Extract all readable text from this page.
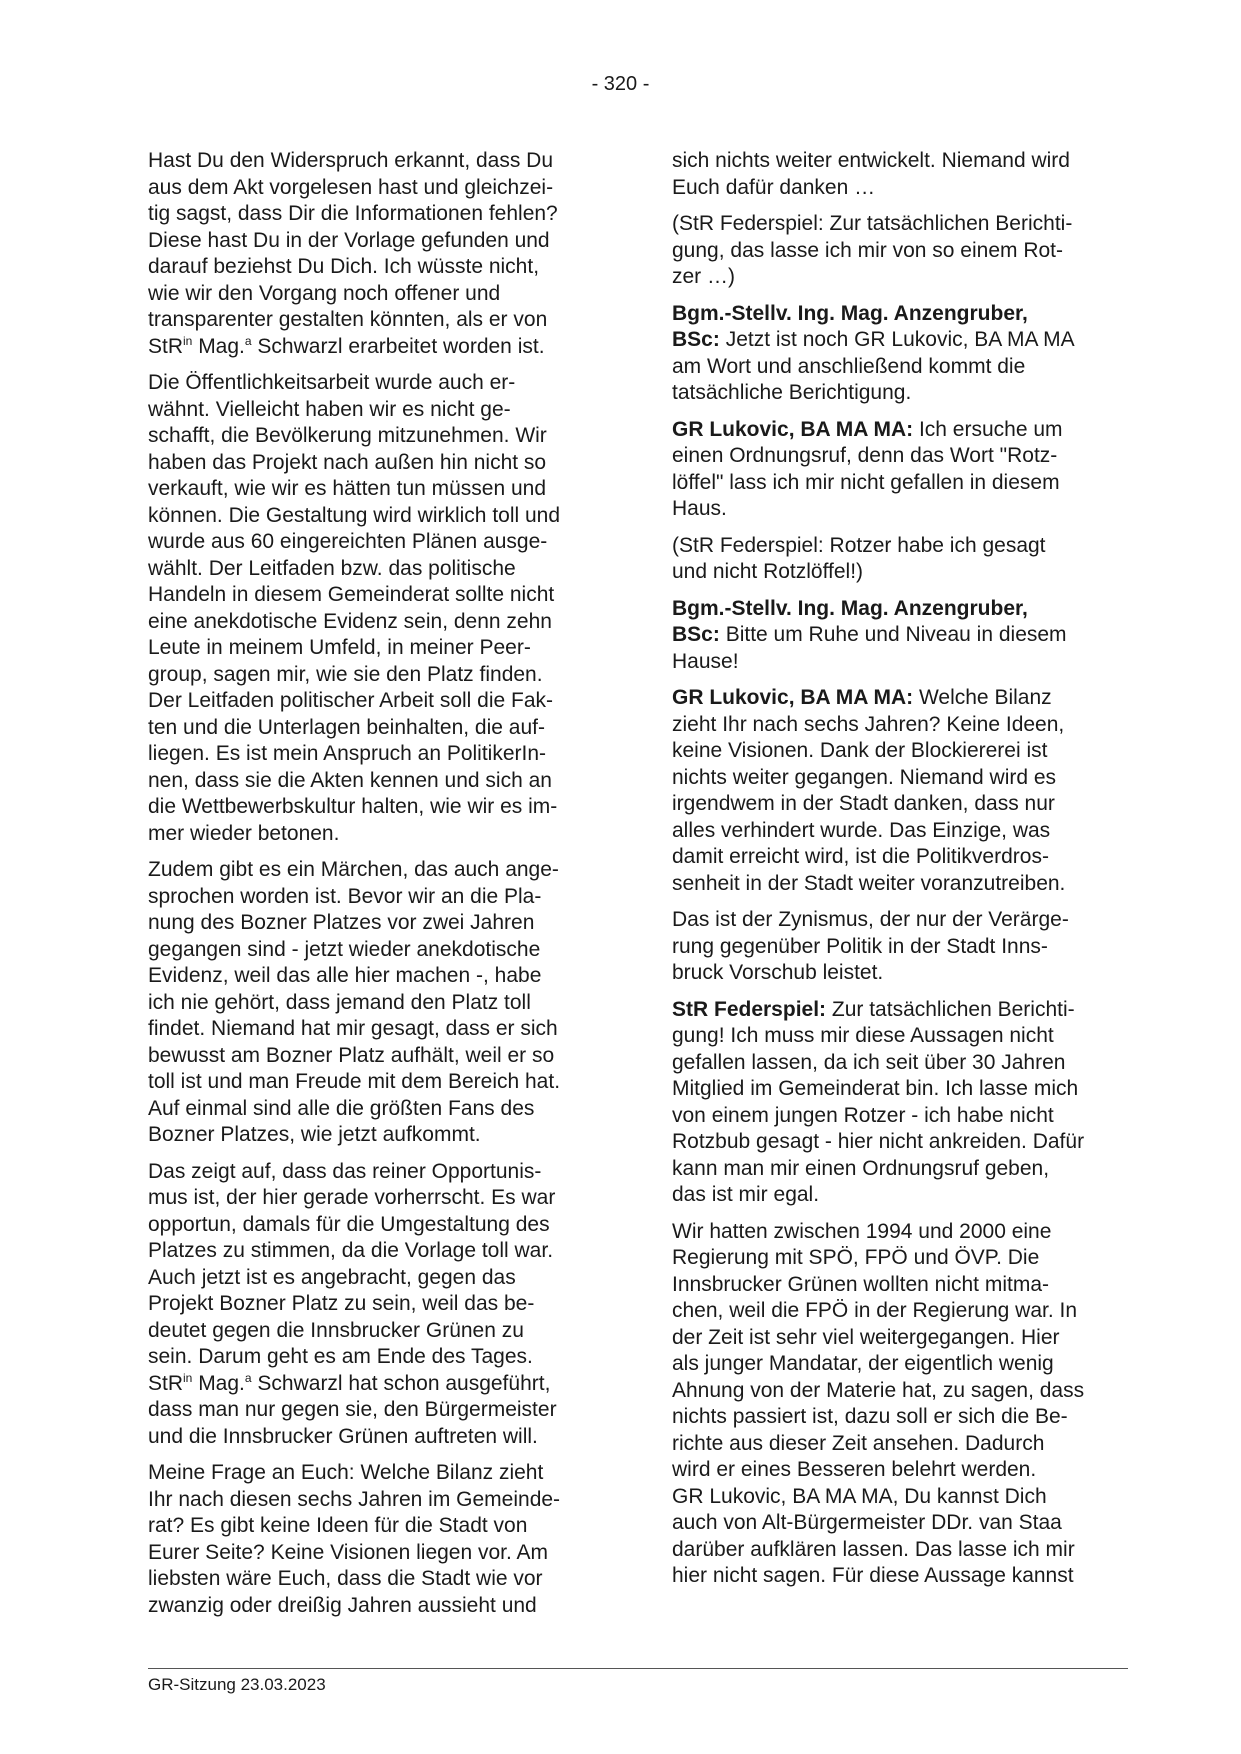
- 320 -

Hast Du den Widerspruch erkannt, dass Du
aus dem Akt vorgelesen hast und gleichzei-
tig sagst, dass Dir die Informationen fehlen?
Diese hast Du in der Vorlage gefunden und
darauf beziehst Du Dich. Ich wüsste nicht,
wie wir den Vorgang noch offener und
transparenter gestalten könnten, als er von
StR$^{in}$ Mag.$^a$ Schwarzl erarbeitet worden ist.

Die Öffentlichkeitsarbeit wurde auch er-
wähnt. Vielleicht haben wir es nicht ge-
schafft, die Bevölkerung mitzunehmen. Wir
haben das Projekt nach außen hin nicht so
verkauft, wie wir es hätten tun müssen und
können. Die Gestaltung wird wirklich toll und
wurde aus 60 eingereichten Plänen ausge-
wählt. Der Leitfaden bzw. das politische
Handeln in diesem Gemeinderat sollte nicht
eine anekdotische Evidenz sein, denn zehn
Leute in meinem Umfeld, in meiner Peer-
group, sagen mir, wie sie den Platz finden.
Der Leitfaden politischer Arbeit soll die Fak-
ten und die Unterlagen beinhalten, die auf-
liegen. Es ist mein Anspruch an PolitikerIn-
nen, dass sie die Akten kennen und sich an
die Wettbewerbskultur halten, wie wir es im-
mer wieder betonen.

Zudem gibt es ein Märchen, das auch ange-
sprochen worden ist. Bevor wir an die Pla-
nung des Bozner Platzes vor zwei Jahren
gegangen sind - jetzt wieder anekdotische
Evidenz, weil das alle hier machen -, habe
ich nie gehört, dass jemand den Platz toll
findet. Niemand hat mir gesagt, dass er sich
bewusst am Bozner Platz aufhält, weil er so
toll ist und man Freude mit dem Bereich hat.
Auf einmal sind alle die größten Fans des
Bozner Platzes, wie jetzt aufkommt.

Das zeigt auf, dass das reiner Opportunis-
mus ist, der hier gerade vorherrscht. Es war
opportun, damals für die Umgestaltung des
Platzes zu stimmen, da die Vorlage toll war.
Auch jetzt ist es angebracht, gegen das
Projekt Bozner Platz zu sein, weil das be-
deutet gegen die Innsbrucker Grünen zu
sein. Darum geht es am Ende des Tages.
StR$^{in}$ Mag.$^a$ Schwarzl hat schon ausgeführt,
dass man nur gegen sie, den Bürgermeister
und die Innsbrucker Grünen auftreten will.

Meine Frage an Euch: Welche Bilanz zieht
Ihr nach diesen sechs Jahren im Gemeinde-
rat? Es gibt keine Ideen für die Stadt von
Eurer Seite? Keine Visionen liegen vor. Am
liebsten wäre Euch, dass die Stadt wie vor
zwanzig oder dreißig Jahren aussieht und

sich nichts weiter entwickelt. Niemand wird
Euch dafür danken …

(StR Federspiel: Zur tatsächlichen Berichti-
gung, das lasse ich mir von so einem Rot-
zer …)

Bgm.-Stellv. Ing. Mag. Anzengruber,
BSc: Jetzt ist noch GR Lukovic, BA MA MA
am Wort und anschließend kommt die
tatsächliche Berichtigung.

GR Lukovic, BA MA MA: Ich ersuche um
einen Ordnungsruf, denn das Wort "Rotz-
löffel" lass ich mir nicht gefallen in diesem
Haus.

(StR Federspiel: Rotzer habe ich gesagt
und nicht Rotzlöffel!)

Bgm.-Stellv. Ing. Mag. Anzengruber,
BSc: Bitte um Ruhe und Niveau in diesem
Hause!

GR Lukovic, BA MA MA: Welche Bilanz
zieht Ihr nach sechs Jahren? Keine Ideen,
keine Visionen. Dank der Blockiererei ist
nichts weiter gegangen. Niemand wird es
irgendwem in der Stadt danken, dass nur
alles verhindert wurde. Das Einzige, was
damit erreicht wird, ist die Politikverdros-
senheit in der Stadt weiter voranzutreiben.

Das ist der Zynismus, der nur der Verärge-
rung gegenüber Politik in der Stadt Inns-
bruck Vorschub leistet.

StR Federspiel: Zur tatsächlichen Berichti-
gung! Ich muss mir diese Aussagen nicht
gefallen lassen, da ich seit über 30 Jahren
Mitglied im Gemeinderat bin. Ich lasse mich
von einem jungen Rotzer - ich habe nicht
Rotzbub gesagt - hier nicht ankreiden. Dafür
kann man mir einen Ordnungsruf geben,
das ist mir egal.

Wir hatten zwischen 1994 und 2000 eine
Regierung mit SPÖ, FPÖ und ÖVP. Die
Innsbrucker Grünen wollten nicht mitma-
chen, weil die FPÖ in der Regierung war. In
der Zeit ist sehr viel weitergegangen. Hier
als junger Mandatar, der eigentlich wenig
Ahnung von der Materie hat, zu sagen, dass
nichts passiert ist, dazu soll er sich die Be-
richte aus dieser Zeit ansehen. Dadurch
wird er eines Besseren belehrt werden.
GR Lukovic, BA MA MA, Du kannst Dich
auch von Alt-Bürgermeister DDr. van Staa
darüber aufklären lassen. Das lasse ich mir
hier nicht sagen. Für diese Aussage kannst

GR-Sitzung 23.03.2023
